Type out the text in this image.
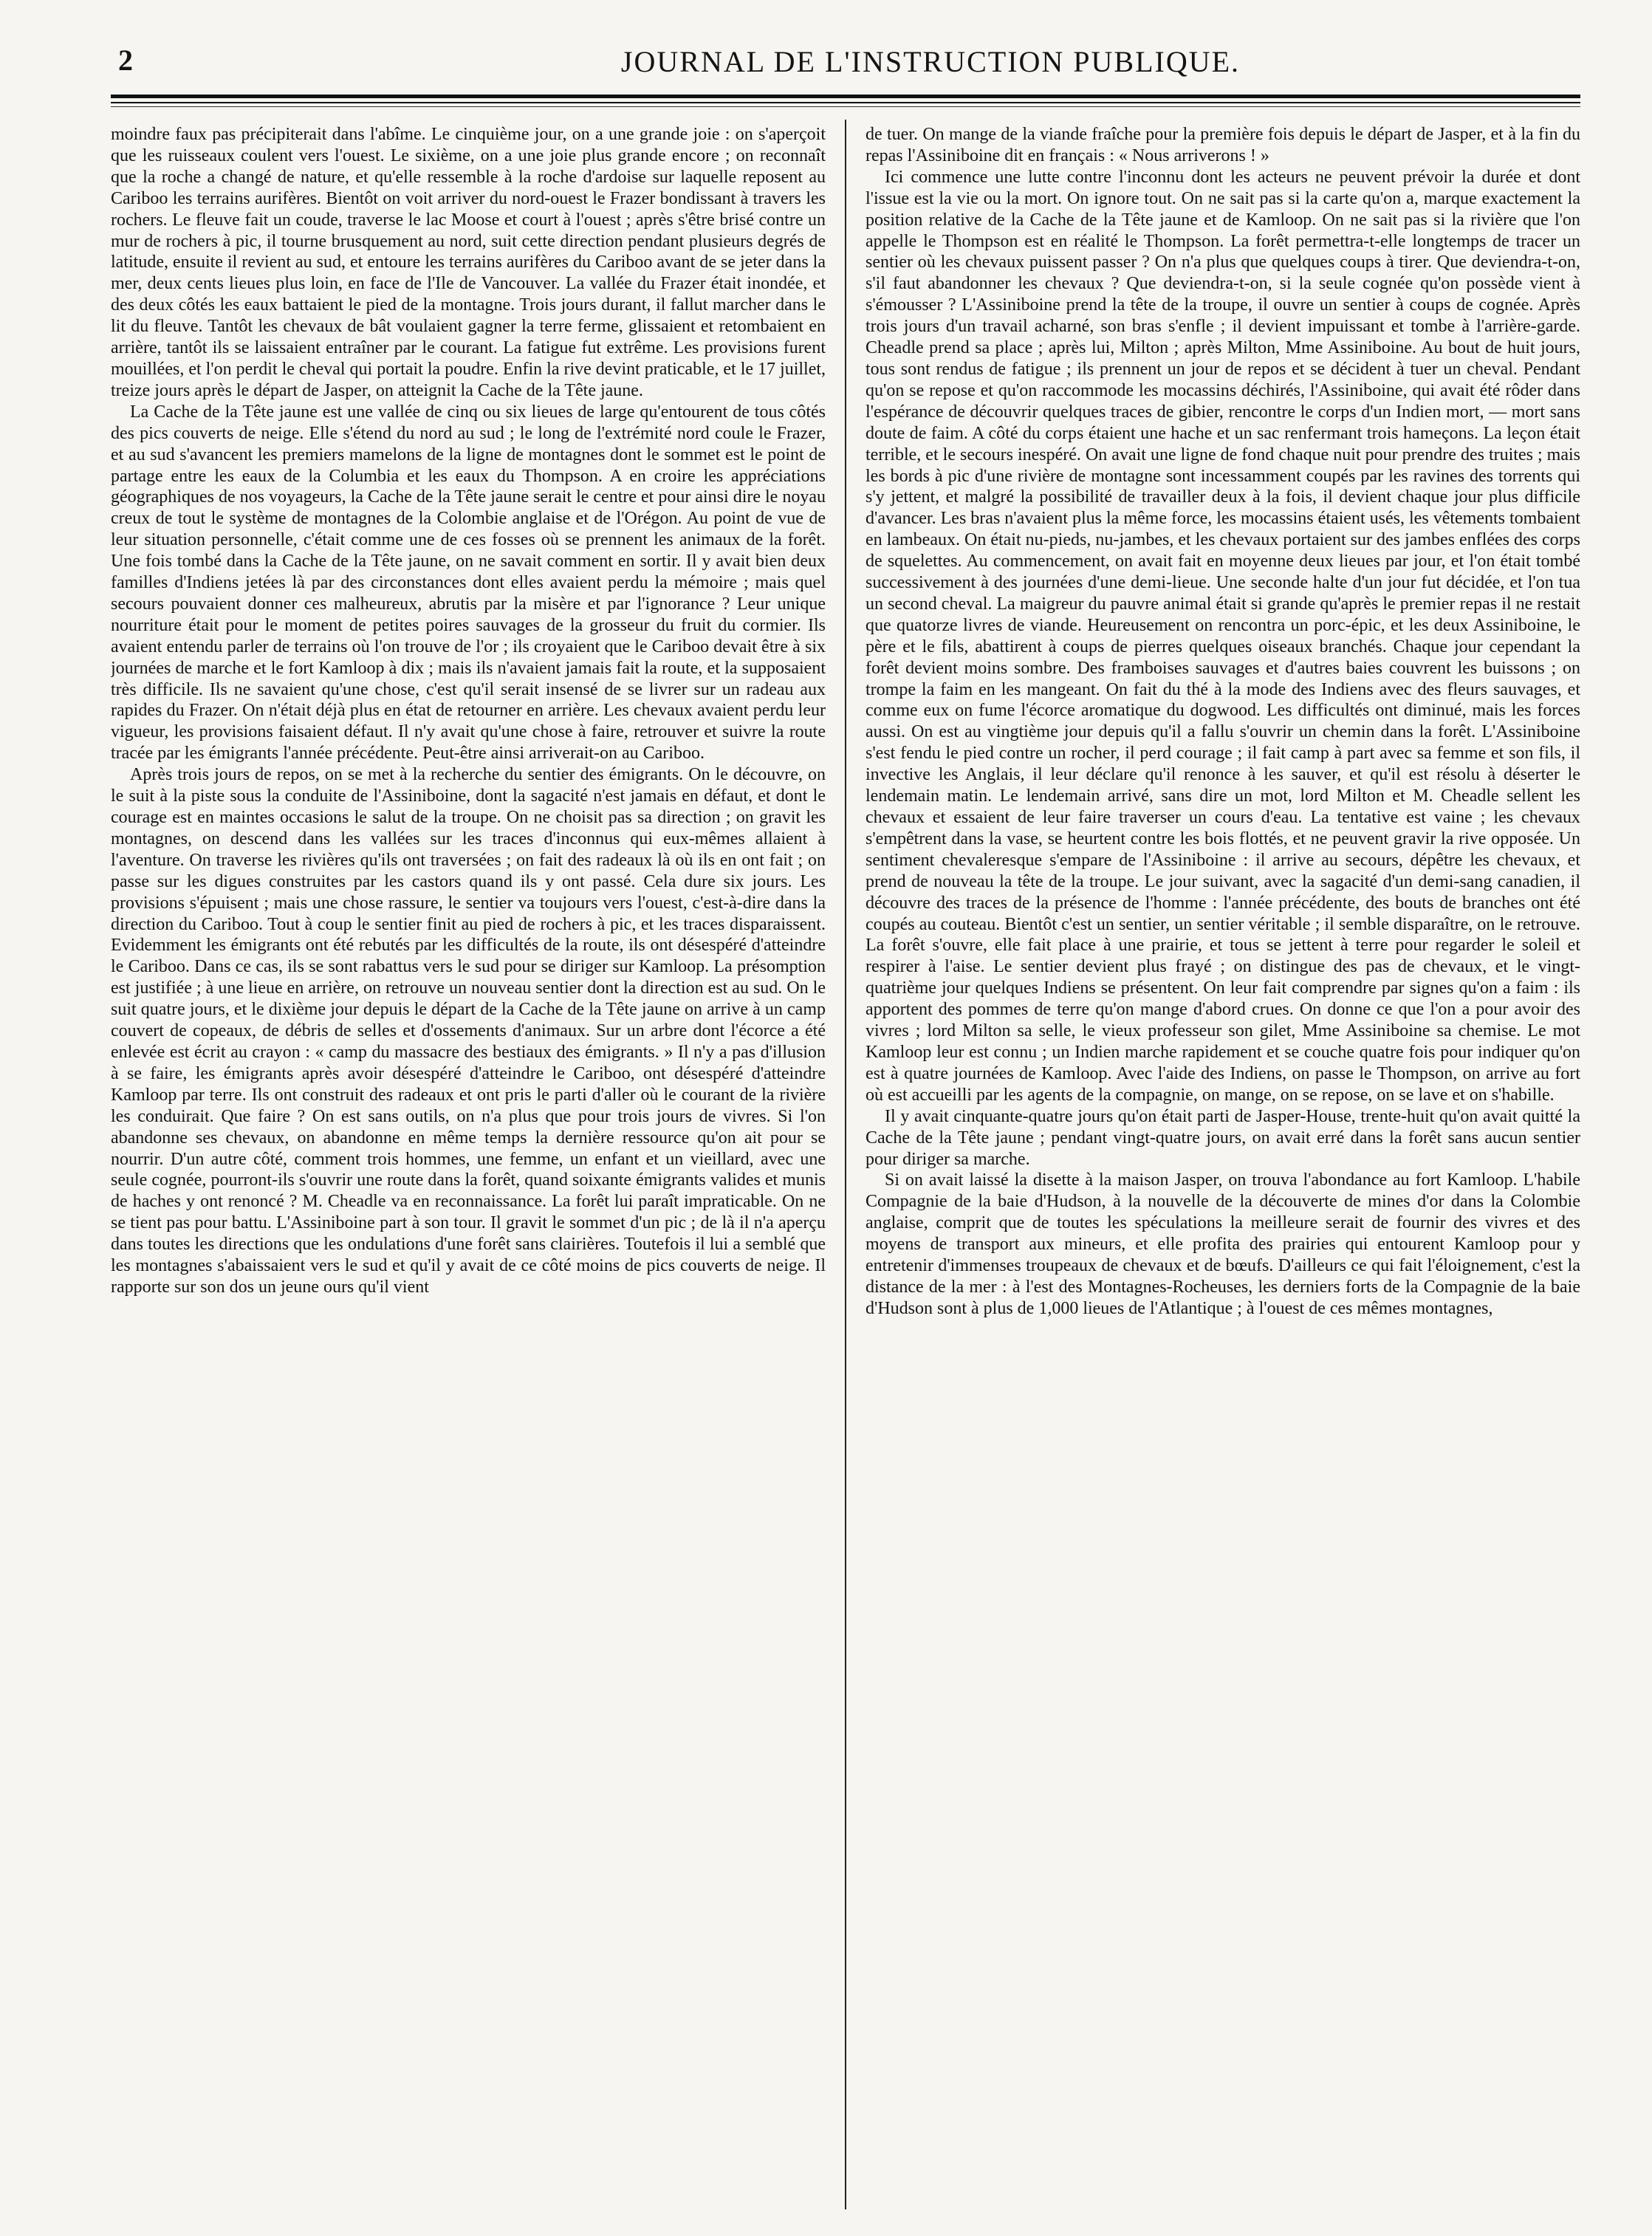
2	JOURNAL DE L'INSTRUCTION PUBLIQUE.

moindre faux pas précipiterait dans l'abîme. Le cinquième jour, on a une grande joie : on s'aperçoit que les ruisseaux coulent vers l'ouest. Le sixième, on a une joie plus grande encore ; on reconnaît que la roche a changé de nature, et qu'elle ressemble à la roche d'ardoise sur laquelle reposent au Cariboo les terrains aurifères. Bientôt on voit arriver du nord-ouest le Frazer bondissant à travers les rochers. Le fleuve fait un coude, traverse le lac Moose et court à l'ouest ; après s'être brisé contre un mur de rochers à pic, il tourne brusquement au nord, suit cette direction pendant plusieurs degrés de latitude, ensuite il revient au sud, et entoure les terrains aurifères du Cariboo avant de se jeter dans la mer, deux cents lieues plus loin, en face de l'Ile de Vancouver. La vallée du Frazer était inondée, et des deux côtés les eaux battaient le pied de la montagne. Trois jours durant, il fallut marcher dans le lit du fleuve. Tantôt les chevaux de bât voulaient gagner la terre ferme, glissaient et retombaient en arrière, tantôt ils se laissaient entraîner par le courant. La fatigue fut extrême. Les provisions furent mouillées, et l'on perdit le cheval qui portait la poudre. Enfin la rive devint praticable, et le 17 juillet, treize jours après le départ de Jasper, on atteignit la Cache de la Tête jaune.

La Cache de la Tête jaune est une vallée de cinq ou six lieues de large qu'entourent de tous côtés des pics couverts de neige. Elle s'étend du nord au sud ; le long de l'extrémité nord coule le Frazer, et au sud s'avancent les premiers mamelons de la ligne de montagnes dont le sommet est le point de partage entre les eaux de la Columbia et les eaux du Thompson. A en croire les appréciations géographiques de nos voyageurs, la Cache de la Tête jaune serait le centre et pour ainsi dire le noyau creux de tout le système de montagnes de la Colombie anglaise et de l'Orégon. Au point de vue de leur situation personnelle, c'était comme une de ces fosses où se prennent les animaux de la forêt. Une fois tombé dans la Cache de la Tête jaune, on ne savait comment en sortir. Il y avait bien deux familles d'Indiens jetées là par des circonstances dont elles avaient perdu la mémoire ; mais quel secours pouvaient donner ces malheureux, abrutis par la misère et par l'ignorance ? Leur unique nourriture était pour le moment de petites poires sauvages de la grosseur du fruit du cormier. Ils avaient entendu parler de terrains où l'on trouve de l'or ; ils croyaient que le Cariboo devait être à six journées de marche et le fort Kamloop à dix ; mais ils n'avaient jamais fait la route, et la supposaient très difficile. Ils ne savaient qu'une chose, c'est qu'il serait insensé de se livrer sur un radeau aux rapides du Frazer. On n'était déjà plus en état de retourner en arrière. Les chevaux avaient perdu leur vigueur, les provisions faisaient défaut. Il n'y avait qu'une chose à faire, retrouver et suivre la route tracée par les émigrants l'année précédente. Peut-être ainsi arriverait-on au Cariboo.

Après trois jours de repos, on se met à la recherche du sentier des émigrants. On le découvre, on le suit à la piste sous la conduite de l'Assiniboine, dont la sagacité n'est jamais en défaut, et dont le courage est en maintes occasions le salut de la troupe. On ne choisit pas sa direction ; on gravit les montagnes, on descend dans les vallées sur les traces d'inconnus qui eux-mêmes allaient à l'aventure. On traverse les rivières qu'ils ont traversées ; on fait des radeaux là où ils en ont fait ; on passe sur les digues construites par les castors quand ils y ont passé. Cela dure six jours. Les provisions s'épuisent ; mais une chose rassure, le sentier va toujours vers l'ouest, c'est-à-dire dans la direction du Cariboo. Tout à coup le sentier finit au pied de rochers à pic, et les traces disparaissent. Evidemment les émigrants ont été rebutés par les difficultés de la route, ils ont désespéré d'atteindre le Cariboo. Dans ce cas, ils se sont rabattus vers le sud pour se diriger sur Kamloop. La présomption est justifiée ; à une lieue en arrière, on retrouve un nouveau sentier dont la direction est au sud. On le suit quatre jours, et le dixième jour depuis le départ de la Cache de la Tête jaune on arrive à un camp couvert de copeaux, de débris de selles et d'ossements d'animaux. Sur un arbre dont l'écorce a été enlevée est écrit au crayon : « camp du massacre des bestiaux des émigrants. » Il n'y a pas d'illusion à se faire, les émigrants après avoir désespéré d'atteindre le Cariboo, ont désespéré d'atteindre Kamloop par terre. Ils ont construit des radeaux et ont pris le parti d'aller où le courant de la rivière les conduirait. Que faire ? On est sans outils, on n'a plus que pour trois jours de vivres. Si l'on abandonne ses chevaux, on abandonne en même temps la dernière ressource qu'on ait pour se nourrir. D'un autre côté, comment trois hommes, une femme, un enfant et un vieillard, avec une seule cognée, pourront-ils s'ouvrir une route dans la forêt, quand soixante émigrants valides et munis de haches y ont renoncé ? M. Cheadle va en reconnaissance. La forêt lui paraît impraticable. On ne se tient pas pour battu. L'Assiniboine part à son tour. Il gravit le sommet d'un pic ; de là il n'a aperçu dans toutes les directions que les ondulations d'une forêt sans clairières. Toutefois il lui a semblé que les montagnes s'abaissaient vers le sud et qu'il y avait de ce côté moins de pics couverts de neige. Il rapporte sur son dos un jeune ours qu'il vient

de tuer. On mange de la viande fraîche pour la première fois depuis le départ de Jasper, et à la fin du repas l'Assiniboine dit en français : « Nous arriverons ! »

Ici commence une lutte contre l'inconnu dont les acteurs ne peuvent prévoir la durée et dont l'issue est la vie ou la mort. On ignore tout. On ne sait pas si la carte qu'on a, marque exactement la position relative de la Cache de la Tête jaune et de Kamloop. On ne sait pas si la rivière que l'on appelle le Thompson est en réalité le Thompson. La forêt permettra-t-elle longtemps de tracer un sentier où les chevaux puissent passer ? On n'a plus que quelques coups à tirer. Que deviendra-t-on, s'il faut abandonner les chevaux ? Que deviendra-t-on, si la seule cognée qu'on possède vient à s'émousser ? L'Assiniboine prend la tête de la troupe, il ouvre un sentier à coups de cognée. Après trois jours d'un travail acharné, son bras s'enfle ; il devient impuissant et tombe à l'arrière-garde. Cheadle prend sa place ; après lui, Milton ; après Milton, Mme Assiniboine. Au bout de huit jours, tous sont rendus de fatigue ; ils prennent un jour de repos et se décident à tuer un cheval. Pendant qu'on se repose et qu'on raccommode les mocassins déchirés, l'Assiniboine, qui avait été rôder dans l'espérance de découvrir quelques traces de gibier, rencontre le corps d'un Indien mort, — mort sans doute de faim. A côté du corps étaient une hache et un sac renfermant trois hameçons. La leçon était terrible, et le secours inespéré. On avait une ligne de fond chaque nuit pour prendre des truites ; mais les bords à pic d'une rivière de montagne sont incessamment coupés par les ravines des torrents qui s'y jettent, et malgré la possibilité de travailler deux à la fois, il devient chaque jour plus difficile d'avancer. Les bras n'avaient plus la même force, les mocassins étaient usés, les vêtements tombaient en lambeaux. On était nu-pieds, nu-jambes, et les chevaux portaient sur des jambes enflées des corps de squelettes. Au commencement, on avait fait en moyenne deux lieues par jour, et l'on était tombé successivement à des journées d'une demi-lieue. Une seconde halte d'un jour fut décidée, et l'on tua un second cheval. La maigreur du pauvre animal était si grande qu'après le premier repas il ne restait que quatorze livres de viande. Heureusement on rencontra un porc-épic, et les deux Assiniboine, le père et le fils, abattirent à coups de pierres quelques oiseaux branchés. Chaque jour cependant la forêt devient moins sombre. Des framboises sauvages et d'autres baies couvrent les buissons ; on trompe la faim en les mangeant. On fait du thé à la mode des Indiens avec des fleurs sauvages, et comme eux on fume l'écorce aromatique du dogwood. Les difficultés ont diminué, mais les forces aussi. On est au vingtième jour depuis qu'il a fallu s'ouvrir un chemin dans la forêt. L'Assiniboine s'est fendu le pied contre un rocher, il perd courage ; il fait camp à part avec sa femme et son fils, il invective les Anglais, il leur déclare qu'il renonce à les sauver, et qu'il est résolu à déserter le lendemain matin. Le lendemain arrivé, sans dire un mot, lord Milton et M. Cheadle sellent les chevaux et essaient de leur faire traverser un cours d'eau. La tentative est vaine ; les chevaux s'empêtrent dans la vase, se heurtent contre les bois flottés, et ne peuvent gravir la rive opposée. Un sentiment chevaleresque s'empare de l'Assiniboine : il arrive au secours, dépêtre les chevaux, et prend de nouveau la tête de la troupe. Le jour suivant, avec la sagacité d'un demi-sang canadien, il découvre des traces de la présence de l'homme : l'année précédente, des bouts de branches ont été coupés au couteau. Bientôt c'est un sentier, un sentier véritable ; il semble disparaître, on le retrouve. La forêt s'ouvre, elle fait place à une prairie, et tous se jettent à terre pour regarder le soleil et respirer à l'aise. Le sentier devient plus frayé ; on distingue des pas de chevaux, et le vingt-quatrième jour quelques Indiens se présentent. On leur fait comprendre par signes qu'on a faim : ils apportent des pommes de terre qu'on mange d'abord crues. On donne ce que l'on a pour avoir des vivres ; lord Milton sa selle, le vieux professeur son gilet, Mme Assiniboine sa chemise. Le mot Kamloop leur est connu ; un Indien marche rapidement et se couche quatre fois pour indiquer qu'on est à quatre journées de Kamloop. Avec l'aide des Indiens, on passe le Thompson, on arrive au fort où est accueilli par les agents de la compagnie, on mange, on se repose, on se lave et on s'habille.

Il y avait cinquante-quatre jours qu'on était parti de Jasper-House, trente-huit qu'on avait quitté la Cache de la Tête jaune ; pendant vingt-quatre jours, on avait erré dans la forêt sans aucun sentier pour diriger sa marche.

Si on avait laissé la disette à la maison Jasper, on trouva l'abondance au fort Kamloop. L'habile Compagnie de la baie d'Hudson, à la nouvelle de la découverte de mines d'or dans la Colombie anglaise, comprit que de toutes les spéculations la meilleure serait de fournir des vivres et des moyens de transport aux mineurs, et elle profita des prairies qui entourent Kamloop pour y entretenir d'immenses troupeaux de chevaux et de bœufs. D'ailleurs ce qui fait l'éloignement, c'est la distance de la mer : à l'est des Montagnes-Rocheuses, les derniers forts de la Compagnie de la baie d'Hudson sont à plus de 1,000 lieues de l'Atlantique ; à l'ouest de ces mêmes montagnes,
